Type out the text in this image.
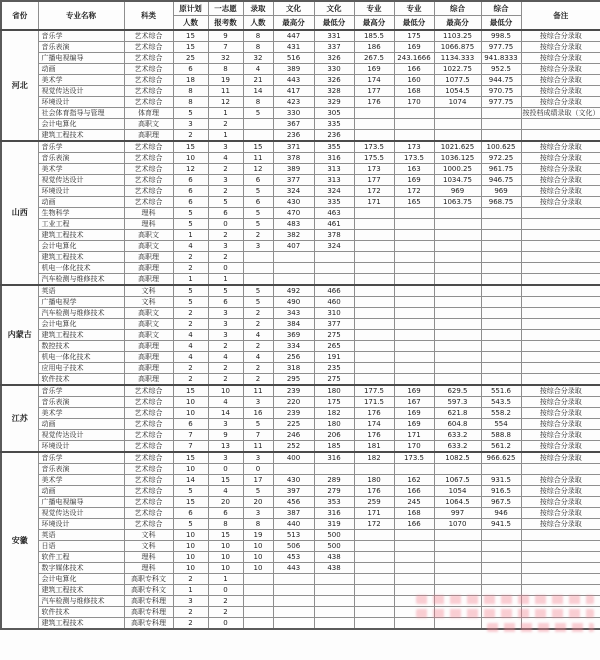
省份	专业名称	科类	原计划	一志愿	录取	文化	文化	专业	专业	综合	综合	备注
			人数	报考数	人数	最高分	最低分	最高分	最低分	最高分	最低分	
河北	音乐学	艺术综合	15	9	8	447	331	185.5	175	1103.25	998.5	按综合分录取
	音乐表演	艺术综合	15	7	8	431	337	186	169	1066.875	977.75	按综合分录取
	广播电视编导	艺术综合	25	32	32	516	326	267.5	243.1666	1134.333	941.8333	按综合分录取
	动画	艺术综合	6	8	4	389	330	169	166	1022.75	952.5	按综合分录取
	美术学	艺术综合	18	19	21	443	326	174	160	1077.5	944.75	按综合分录取
	视觉传达设计	艺术综合	8	11	14	417	328	177	168	1054.5	970.75	按综合分录取
	环境设计	艺术综合	8	12	8	423	329	176	170	1074	977.75	按综合分录取
	社会体育指导与管理	体育理	5	1	5	330	305					按投档成绩录取（文化）
	会计电算化	高职文	3	2		367	335					
	建筑工程技术	高职理	2	1		236	236					
山西	音乐学	艺术综合	15	3	15	371	355	173.5	173	1021.625	100.625	按综合分录取
	音乐表演	艺术综合	10	4	11	378	316	175.5	173.5	1036.125	972.25	按综合分录取
	美术学	艺术综合	12	2	12	389	313	173	163	1000.25	961.75	按综合分录取
	视觉传达设计	艺术综合	6	3	6	377	313	177	169	1034.75	946.75	按综合分录取
	环境设计	艺术综合	6	2	5	324	324	172	172	969	969	按综合分录取
	动画	艺术综合	6	5	6	430	335	171	165	1063.75	968.75	按综合分录取
	生物科学	理科	5	6	5	470	463					
	工业工程	理科	5	0	5	483	461					
	建筑工程技术	高职文	1	2	2	382	378					
	会计电算化	高职文	4	3	3	407	324					
	建筑工程技术	高职理	2	2								
	机电一体化技术	高职理	2	0								
	汽车检测与维修技术	高职理	1	1								
内蒙古	英语	文科	5	5	5	492	466					
	广播电视学	文科	5	6	5	490	460					
	汽车检测与维修技术	高职文	2	3	2	343	310					
	会计电算化	高职文	2	3	2	384	377					
	建筑工程技术	高职文	4	3	4	369	275					
	数控技术	高职理	4	2	2	334	265					
	机电一体化技术	高职理	4	4	4	256	191					
	应用电子技术	高职理	2	2	2	318	235					
	软件技术	高职理	2	2	2	295	275					
江苏	音乐学	艺术综合	15	10	11	239	180	177.5	169	629.5	551.6	按综合分录取
	音乐表演	艺术综合	10	4	3	220	175	171.5	167	597.3	543.5	按综合分录取
	美术学	艺术综合	10	14	16	239	182	176	169	621.8	558.2	按综合分录取
	动画	艺术综合	6	3	5	225	180	174	169	604.8	554	按综合分录取
	视觉传达设计	艺术综合	7	9	7	246	206	176	171	633.2	588.8	按综合分录取
	环境设计	艺术综合	7	13	11	252	185	181	170	633.2	561.2	按综合分录取
安徽	音乐学	艺术综合	15	3	3	400	316	182	173.5	1082.5	966.625	按综合分录取
	音乐表演	艺术综合	10	0	0							
	美术学	艺术综合	14	15	17	430	289	180	162	1067.5	931.5	按综合分录取
	动画	艺术综合	5	4	5	397	279	176	166	1054	916.5	按综合分录取
	广播电视编导	艺术综合	15	20	20	456	353	259	245	1064.5	967.5	按综合分录取
	视觉传达设计	艺术综合	6	6	3	387	316	171	168	997	946	按综合分录取
	环境设计	艺术综合	5	8	8	440	319	172	166	1070	941.5	按综合分录取
	英语	文科	10	15	19	513	500					
	日语	文科	10	10	10	506	500					
	软件工程	理科	10	10	10	453	438					
	数字媒体技术	理科	10	10	10	443	438					
	会计电算化	高职专科文	2	1								
	建筑工程技术	高职专科文	1	0								
	汽车检测与维修技术	高职专科理	3	2								
	软件技术	高职专科理	2	2								
	建筑工程技术	高职专科理	2	0								
